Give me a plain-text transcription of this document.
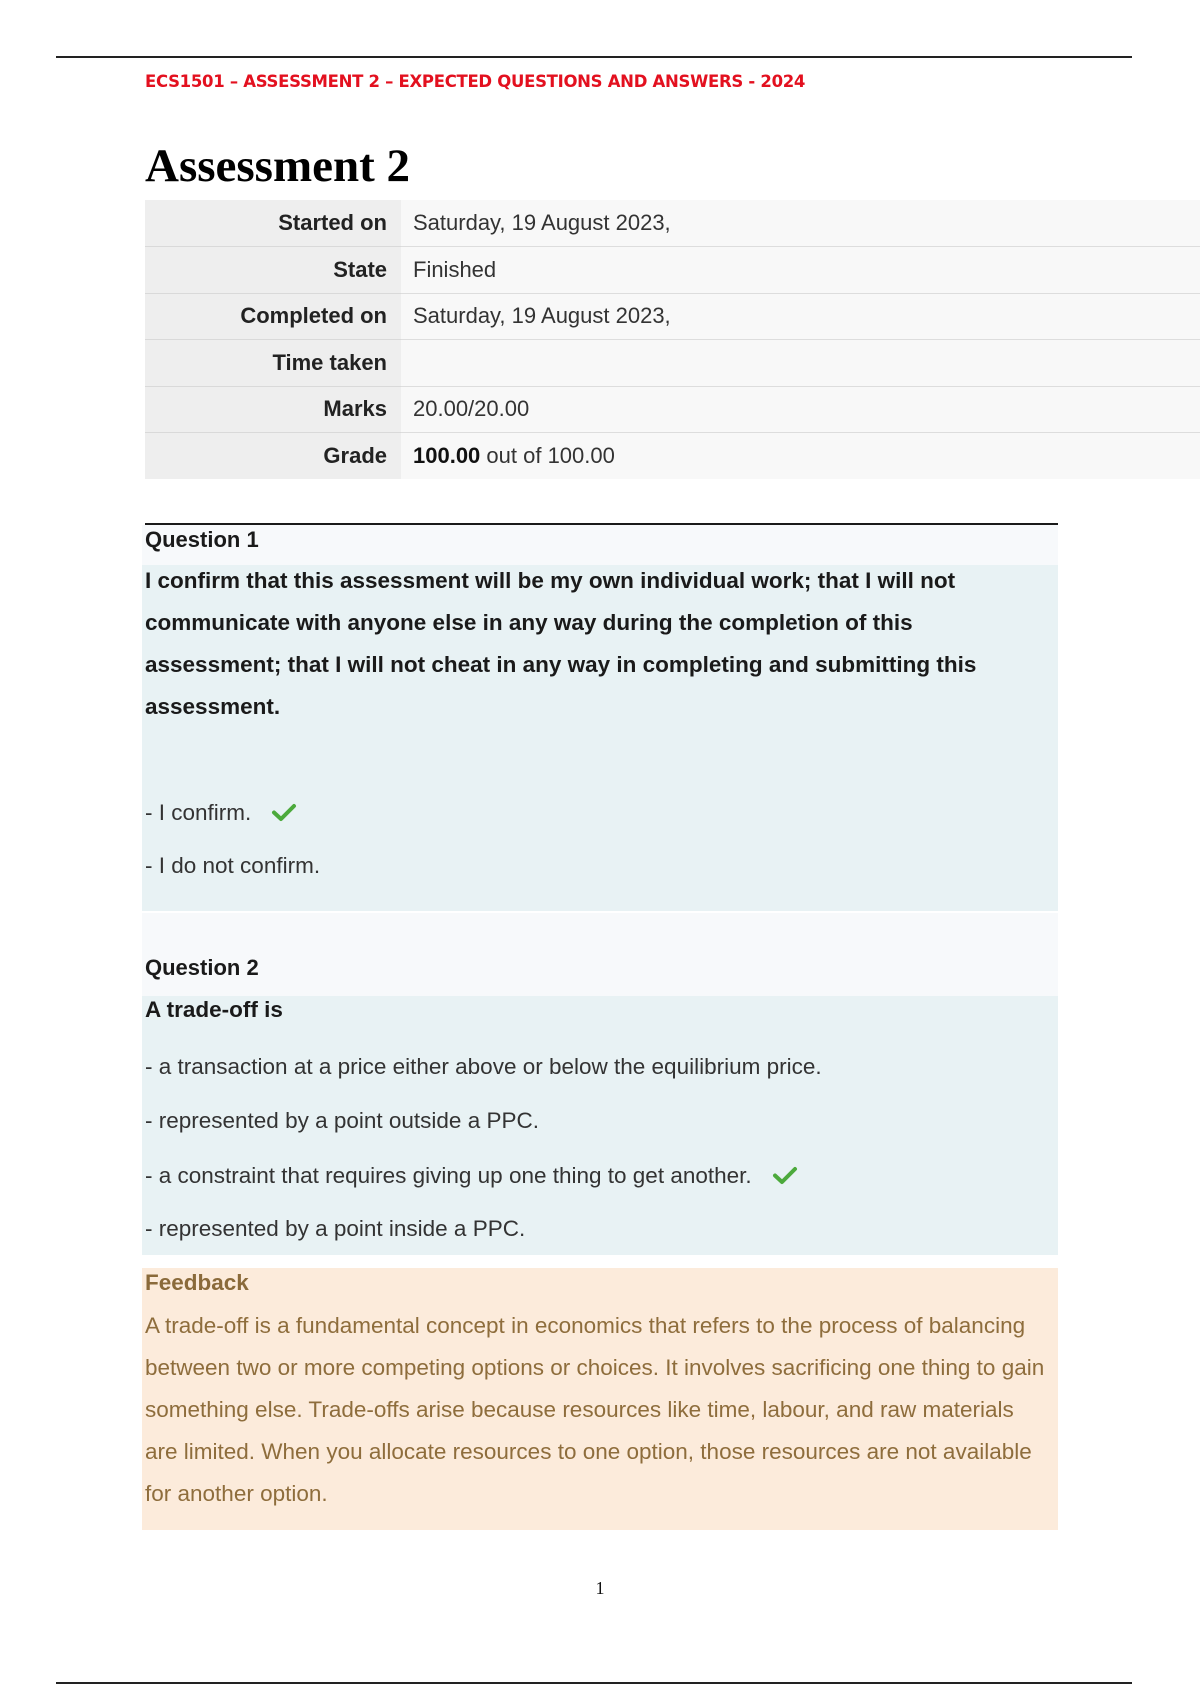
ECS1501 – ASSESSMENT 2 – EXPECTED QUESTIONS AND ANSWERS - 2024
Assessment 2
Started on	Saturday, 19 August 2023,
State	Finished
Completed on	Saturday, 19 August 2023,
Time taken	
Marks	20.00/20.00
Grade	100.00 out of 100.00
Question 1

I confirm that this assessment will be my own individual work; that I will not communicate with anyone else in any way during the completion of this assessment; that I will not cheat in any way in completing and submitting this assessment.

- I confirm.
- I do not confirm.
Question 2

A trade-off is

- a transaction at a price either above or below the equilibrium price.
- represented by a point outside a PPC.
- a constraint that requires giving up one thing to get another.
- represented by a point inside a PPC.
Feedback

A trade-off is a fundamental concept in economics that refers to the process of balancing between two or more competing options or choices. It involves sacrificing one thing to gain something else. Trade-offs arise because resources like time, labour, and raw materials are limited. When you allocate resources to one option, those resources are not available for another option.

1
